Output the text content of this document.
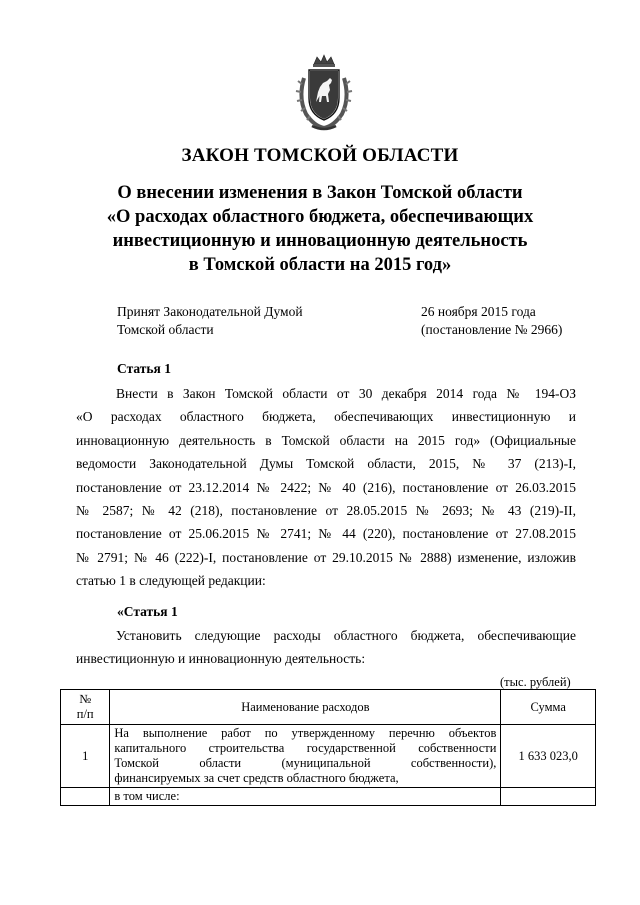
ЗАКОН ТОМСКОЙ ОБЛАСТИ
О внесении изменения в Закон Томской области
«О расходах областного бюджета, обеспечивающих
инвестиционную и инновационную деятельность
в Томской области на 2015 год»
Принят Законодательной Думой
Томской области
26 ноября 2015 года
(постановление № 2966)
Статья 1
Внести в Закон Томской области от 30 декабря 2014 года № 194-ОЗ
«О расходах областного бюджета, обеспечивающих инвестиционную и
инновационную деятельность в Томской области на 2015 год» (Официальные
ведомости Законодательной Думы Томской области, 2015, № 37 (213)-I,
постановление от 23.12.2014 № 2422; № 40 (216), постановление от 26.03.2015
№ 2587; № 42 (218), постановление от 28.05.2015 № 2693; № 43 (219)-II,
постановление от 25.06.2015 № 2741; № 44 (220), постановление от 27.08.2015
№ 2791; № 46 (222)-I, постановление от 29.10.2015 № 2888) изменение, изложив
статью 1 в следующей редакции:
«Статья 1
Установить следующие расходы областного бюджета, обеспечивающие
инвестиционную и инновационную деятельность:
(тыс. рублей)
№
п/п	Наименование расходов	Сумма
1	На выполнение работ по утвержденному перечню объектов
капитального строительства государственной собственности
Томской области (муниципальной собственности),
финансируемых за счет средств областного бюджета,	1 633 023,0

	в том числе:	
